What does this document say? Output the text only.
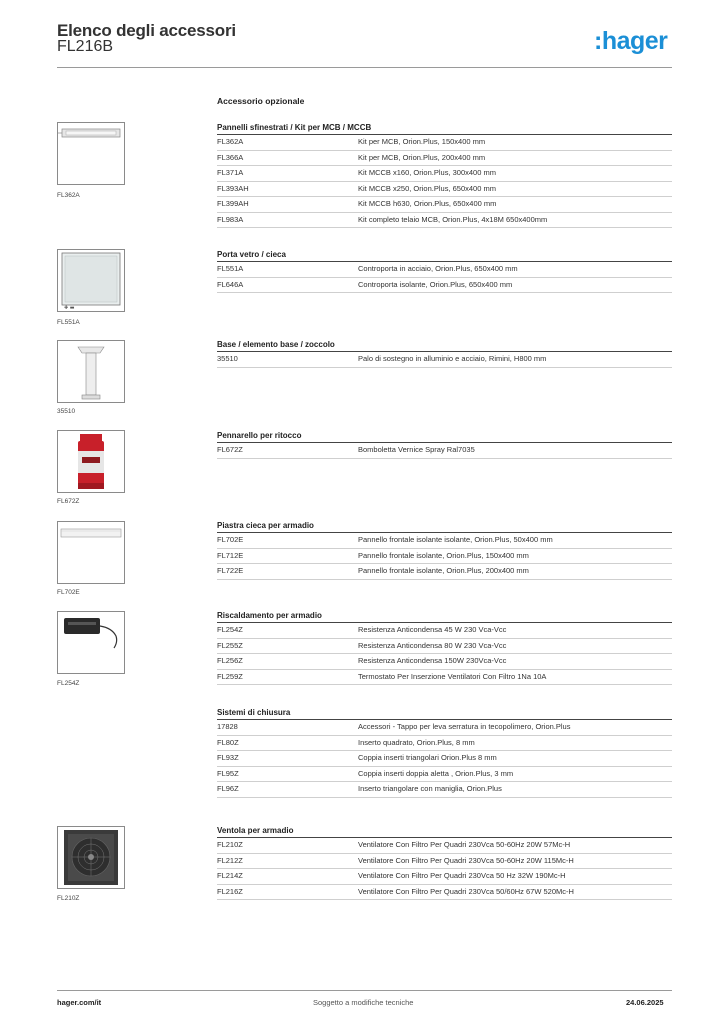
Elenco degli accessori
FL216B	:hager
Accessorio opzionale
FL362A
✚ ▬
FL551A
35510
FL672Z
FL702E
FL254Z
FL210Z
Pannelli sfinestrati / Kit per MCB / MCCB
FL362A	Kit per MCB, Orion.Plus, 150x400 mm
FL366A	Kit per MCB, Orion.Plus, 200x400 mm
FL371A	Kit MCCB x160, Orion.Plus, 300x400 mm
FL393AH	Kit MCCB x250, Orion.Plus, 650x400 mm
FL399AH	Kit MCCB h630, Orion.Plus, 650x400 mm
FL983A	Kit completo telaio MCB, Orion.Plus, 4x18M 650x400mm
Porta vetro / cieca
FL551A	Controporta in acciaio, Orion.Plus, 650x400 mm
FL646A	Controporta isolante, Orion.Plus, 650x400 mm
Base / elemento base / zoccolo
35510	Palo di sostegno in alluminio e acciaio, Rimini, H800 mm
Pennarello per ritocco
FL672Z	Bomboletta Vernice Spray Ral7035
Piastra cieca per armadio
FL702E	Pannello frontale isolante isolante, Orion.Plus, 50x400 mm
FL712E	Pannello frontale isolante, Orion.Plus, 150x400 mm
FL722E	Pannello frontale isolante, Orion.Plus, 200x400 mm
Riscaldamento per armadio
FL254Z	Resistenza Anticondensa 45 W 230 Vca-Vcc
FL255Z	Resistenza Anticondensa 80 W 230 Vca-Vcc
FL256Z	Resistenza Anticondensa 150W 230Vca-Vcc
FL259Z	Termostato Per Inserzione Ventilatori Con Filtro 1Na 10A
Sistemi di chiusura
17828	Accessori - Tappo per leva serratura in tecopolimero, Orion.Plus
FL80Z	Inserto quadrato, Orion.Plus, 8 mm
FL93Z	Coppia inserti triangolari Orion.Plus 8 mm
FL95Z	Coppia inserti doppia aletta , Orion.Plus, 3 mm
FL96Z	Inserto triangolare con maniglia, Orion.Plus
Ventola per armadio
FL210Z	Ventilatore Con Filtro Per Quadri 230Vca 50-60Hz 20W 57Mc-H
FL212Z	Ventilatore Con Filtro Per Quadri 230Vca 50-60Hz 20W 115Mc-H
FL214Z	Ventilatore Con Filtro Per Quadri 230Vca 50 Hz 32W 190Mc-H
FL216Z	Ventilatore Con Filtro Per Quadri 230Vca 50/60Hz 67W 520Mc-H
hager.com/it	Soggetto a modifiche tecniche	24.06.2025
